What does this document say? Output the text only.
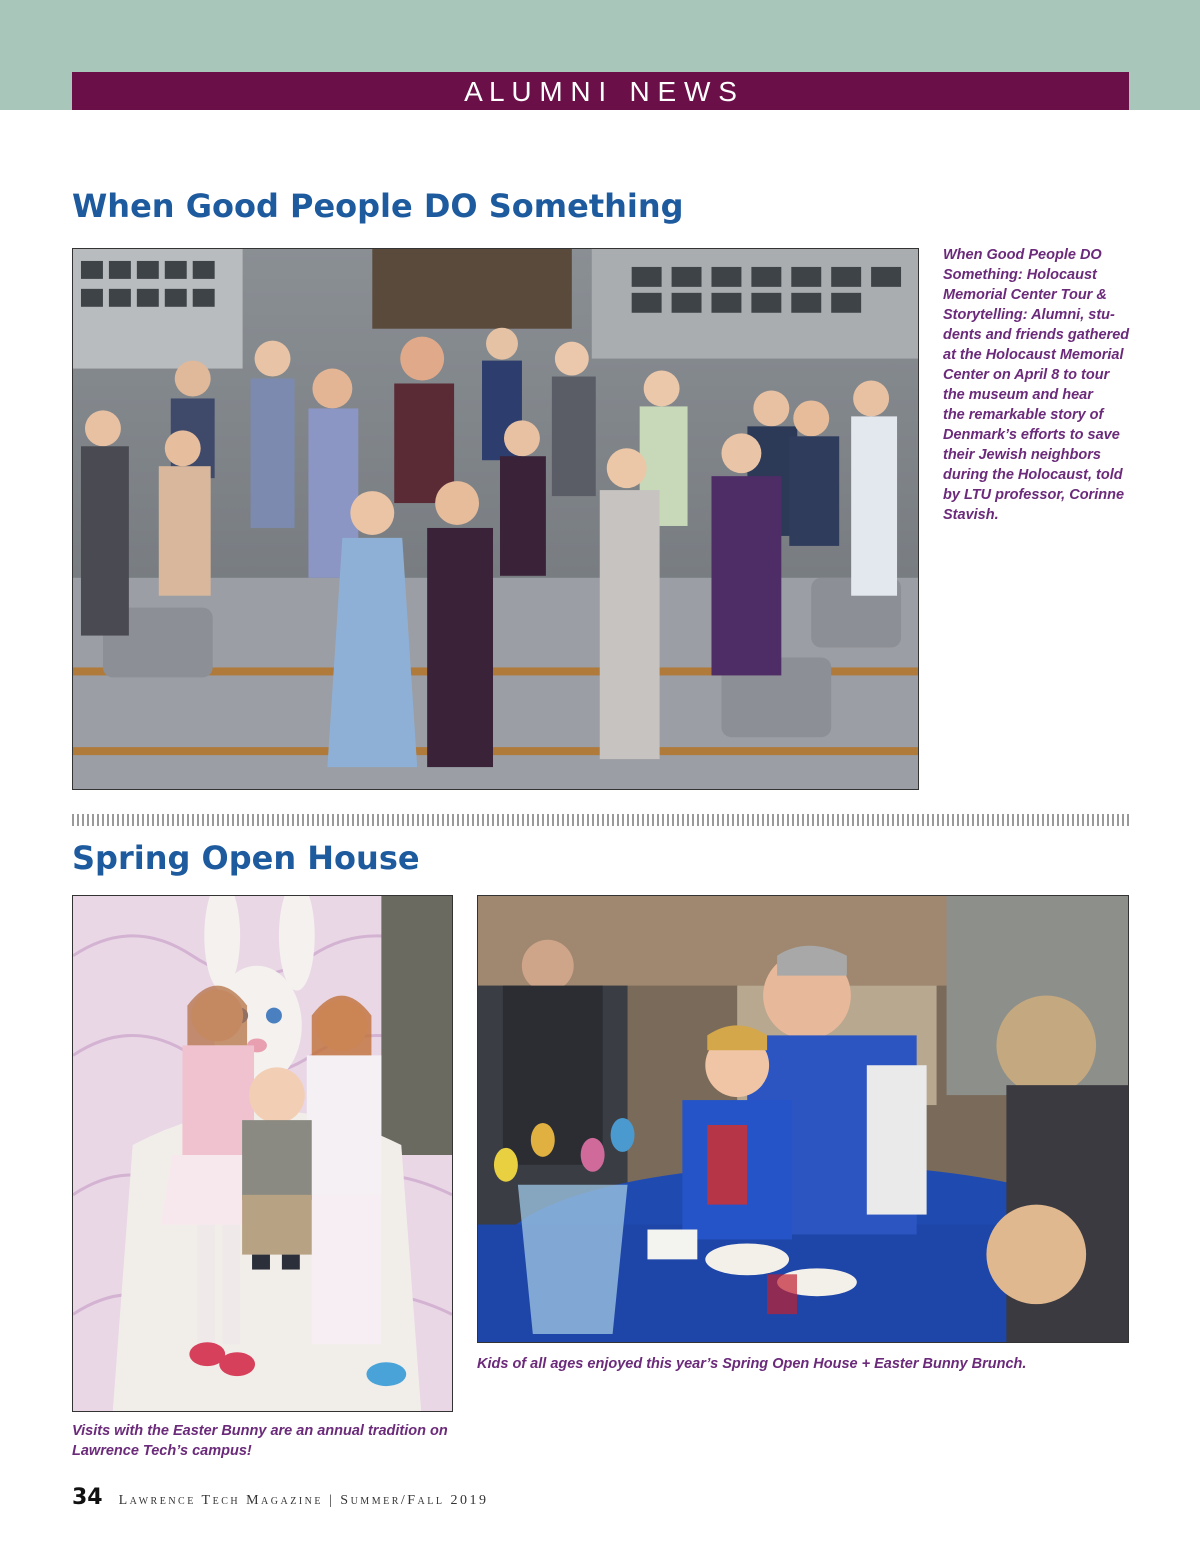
A L U M N I   N E W S
When Good People DO Something
When Good People DO
Something: Holocaust
Memorial Center Tour &
Storytelling: Alumni, stu-
dents and friends gathered
at the Holocaust Memorial
Center on April 8 to tour
the museum and hear
the remarkable story of
Denmark’s efforts to save
their Jewish neighbors
during the Holocaust, told
by LTU professor, Corinne
Stavish.
Spring Open House
Kids of all ages enjoyed this year’s Spring Open House + Easter Bunny Brunch.
Visits with the Easter Bunny are an annual tradition on
Lawrence Tech’s campus!
34 Lawrence Tech Magazine | Summer/Fall 2019
